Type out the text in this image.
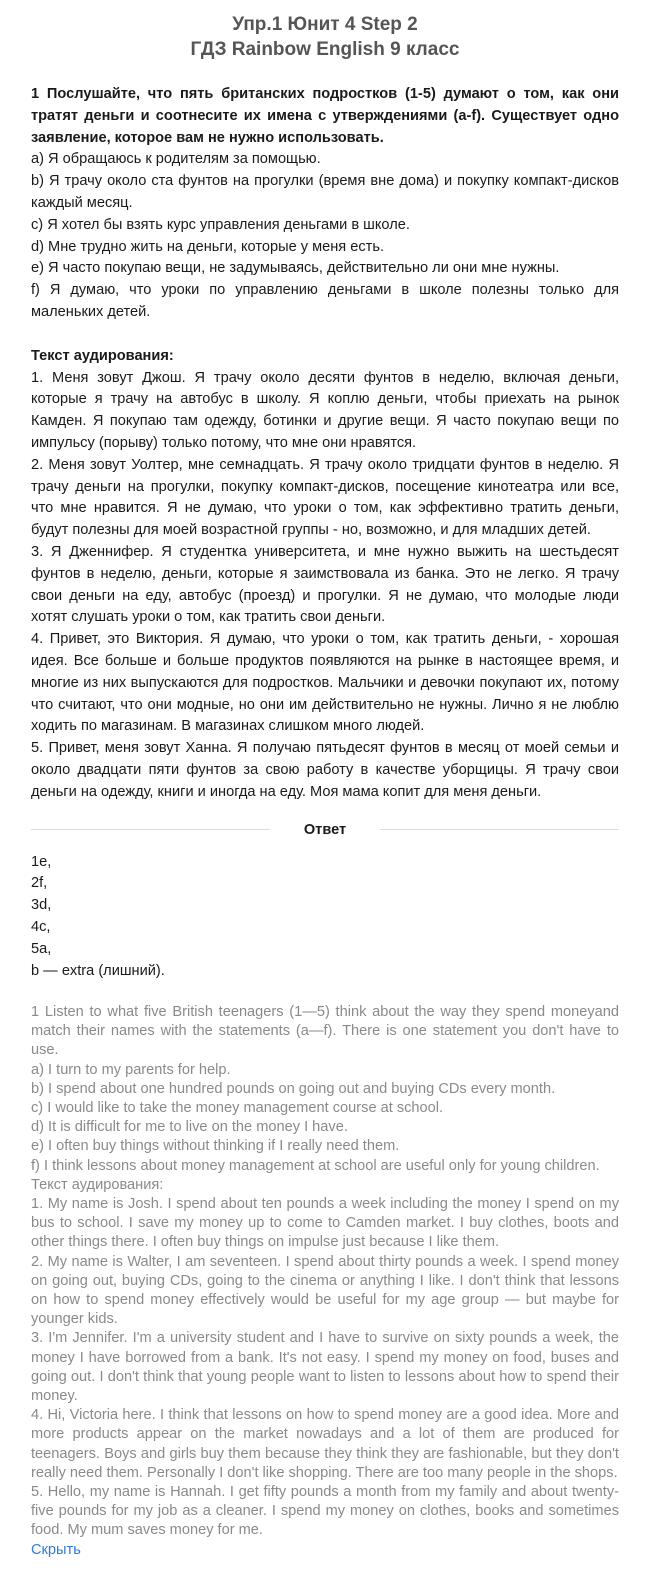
Упр.1 Юнит 4 Step 2
ГДЗ Rainbow English 9 класс

1 Послушайте, что пять британских подростков (1-5) думают о том, как они тратят деньги и соотнесите их имена с утверждениями (a-f). Существует одно заявление, которое вам не нужно использовать.

a) Я обращаюсь к родителям за помощью.

b) Я трачу около ста фунтов на прогулки (время вне дома) и покупку компакт-дисков каждый месяц.

c) Я хотел бы взять курс управления деньгами в школе.

d) Мне трудно жить на деньги, которые у меня есть.

e) Я часто покупаю вещи, не задумываясь, действительно ли они мне нужны.

f) Я думаю, что уроки по управлению деньгами в школе полезны только для маленьких детей.

Текст аудирования:

1. Меня зовут Джош. Я трачу около десяти фунтов в неделю, включая деньги, которые я трачу на автобус в школу. Я коплю деньги, чтобы приехать на рынок Камден. Я покупаю там одежду, ботинки и другие вещи. Я часто покупаю вещи по импульсу (порыву) только потому, что мне они нравятся.

2. Меня зовут Уолтер, мне семнадцать. Я трачу около тридцати фунтов в неделю. Я трачу деньги на прогулки, покупку компакт-дисков, посещение кинотеатра или все, что мне нравится. Я не думаю, что уроки о том, как эффективно тратить деньги, будут полезны для моей возрастной группы - но, возможно, и для младших детей.

3. Я Дженнифер. Я студентка университета, и мне нужно выжить на шестьдесят фунтов в неделю, деньги, которые я заимствовала из банка. Это не легко. Я трачу свои деньги на еду, автобус (проезд) и прогулки. Я не думаю, что молодые люди хотят слушать уроки о том, как тратить свои деньги.

4. Привет, это Виктория. Я думаю, что уроки о том, как тратить деньги, - хорошая идея. Все больше и больше продуктов появляются на рынке в настоящее время, и многие из них выпускаются для подростков. Мальчики и девочки покупают их, потому что считают, что они модные, но они им действительно не нужны. Лично я не люблю ходить по магазинам. В магазинах слишком много людей.

5. Привет, меня зовут Ханна. Я получаю пятьдесят фунтов в месяц от моей семьи и около двадцати пяти фунтов за свою работу в качестве уборщицы. Я трачу свои деньги на одежду, книги и иногда на еду. Моя мама копит для меня деньги.

Ответ
1e,
2f,
3d,
4c,
5a,
b — extra (лишний).

1 Listen to what five British teenagers (1—5) think about the way they spend moneyand match their names with the statements (a—f). There is one statement you don't have to use.

a) I turn to my parents for help.

b) I spend about one hundred pounds on going out and buying CDs every month.

c) I would like to take the money management course at school.

d) It is difficult for me to live on the money I have.

e) I often buy things without thinking if I really need them.

f) I think lessons about money management at school are useful only for young children.

Текст аудирования:

1. My name is Josh. I spend about ten pounds a week including the money I spend on my bus to school. I save my money up to come to Camden market. I buy clothes, boots and other things there. I often buy things on impulse just because I like them.

2. My name is Walter, I am seventeen. I spend about thirty pounds a week. I spend money on going out, buying CDs, going to the cinema or anything I like. I don't think that lessons on how to spend money effectively would be useful for my age group — but maybe for younger kids.

3. I'm Jennifer. I'm a university student and I have to survive on sixty pounds a week, the money I have borrowed from a bank. It's not easy. I spend my money on food, buses and going out. I don't think that young people want to listen to lessons about how to spend their money.

4. Hi, Victoria here. I think that lessons on how to spend money are a good idea. More and more products appear on the market nowadays and a lot of them are produced for teenagers. Boys and girls buy them because they think they are fashionable, but they don't really need them. Personally I don't like shopping. There are too many people in the shops.

5. Hello, my name is Hannah. I get fifty pounds a month from my family and about twenty-five pounds for my job as a cleaner. I spend my money on clothes, books and sometimes food. My mum saves money for me.

Скрыть
